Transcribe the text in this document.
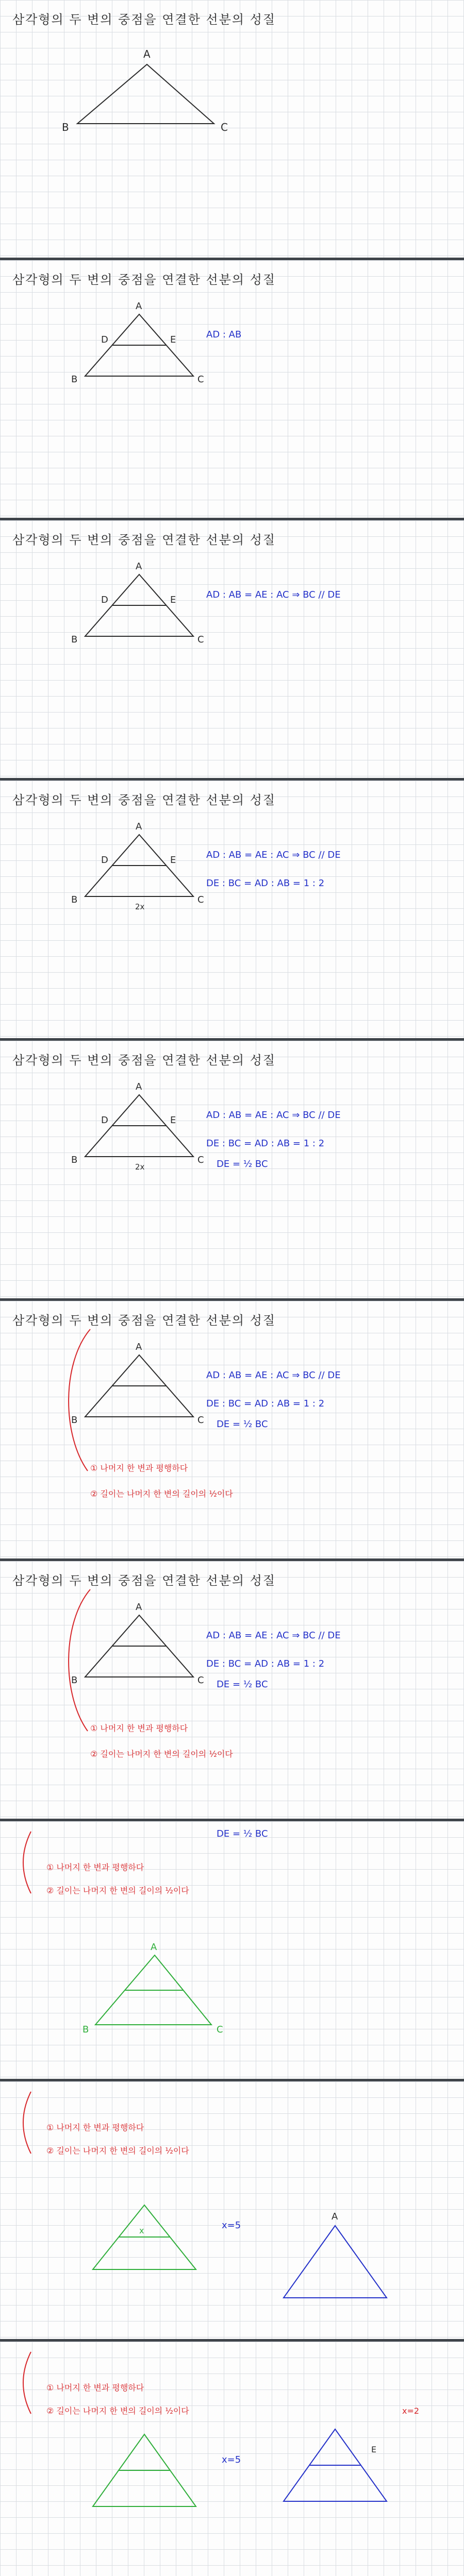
삼각형의 두 변의 중점을 연결한 선분의 성질
A
B	C
삼각형의 두 변의 중점을 연결한 선분의 성질
A
D	E
B	C
AD : AB
삼각형의 두 변의 중점을 연결한 선분의 성질
A
D	E
B	C
AD : AB = AE : AC ⇒ BC // DE
삼각형의 두 변의 중점을 연결한 선분의 성질
A
D	E
B	C
2x
AD : AB = AE : AC ⇒ BC // DE
DE : BC = AD : AB = 1 : 2
삼각형의 두 변의 중점을 연결한 선분의 성질
A
D	E
B	C
2x
AD : AB = AE : AC ⇒ BC // DE
DE : BC = AD : AB = 1 : 2
DE = ½ BC
삼각형의 두 변의 중점을 연결한 선분의 성질
A
B	C
AD : AB = AE : AC ⇒ BC // DE
DE : BC = AD : AB = 1 : 2
DE = ½ BC
① 나머지 한 변과 평행하다
② 길이는 나머지 한 변의 길이의 ½이다
삼각형의 두 변의 중점을 연결한 선분의 성질
A
B	C
AD : AB = AE : AC ⇒ BC // DE
DE : BC = AD : AB = 1 : 2
DE = ½ BC
① 나머지 한 변과 평행하다
② 길이는 나머지 한 변의 길이의 ½이다
DE = ½ BC
① 나머지 한 변과 평행하다
② 길이는 나머지 한 변의 길이의 ½이다
A
B	C
① 나머지 한 변과 평행하다
② 길이는 나머지 한 변의 길이의 ½이다
x	x=5
A
① 나머지 한 변과 평행하다
② 길이는 나머지 한 변의 길이의 ½이다
x=5
E
x=2
